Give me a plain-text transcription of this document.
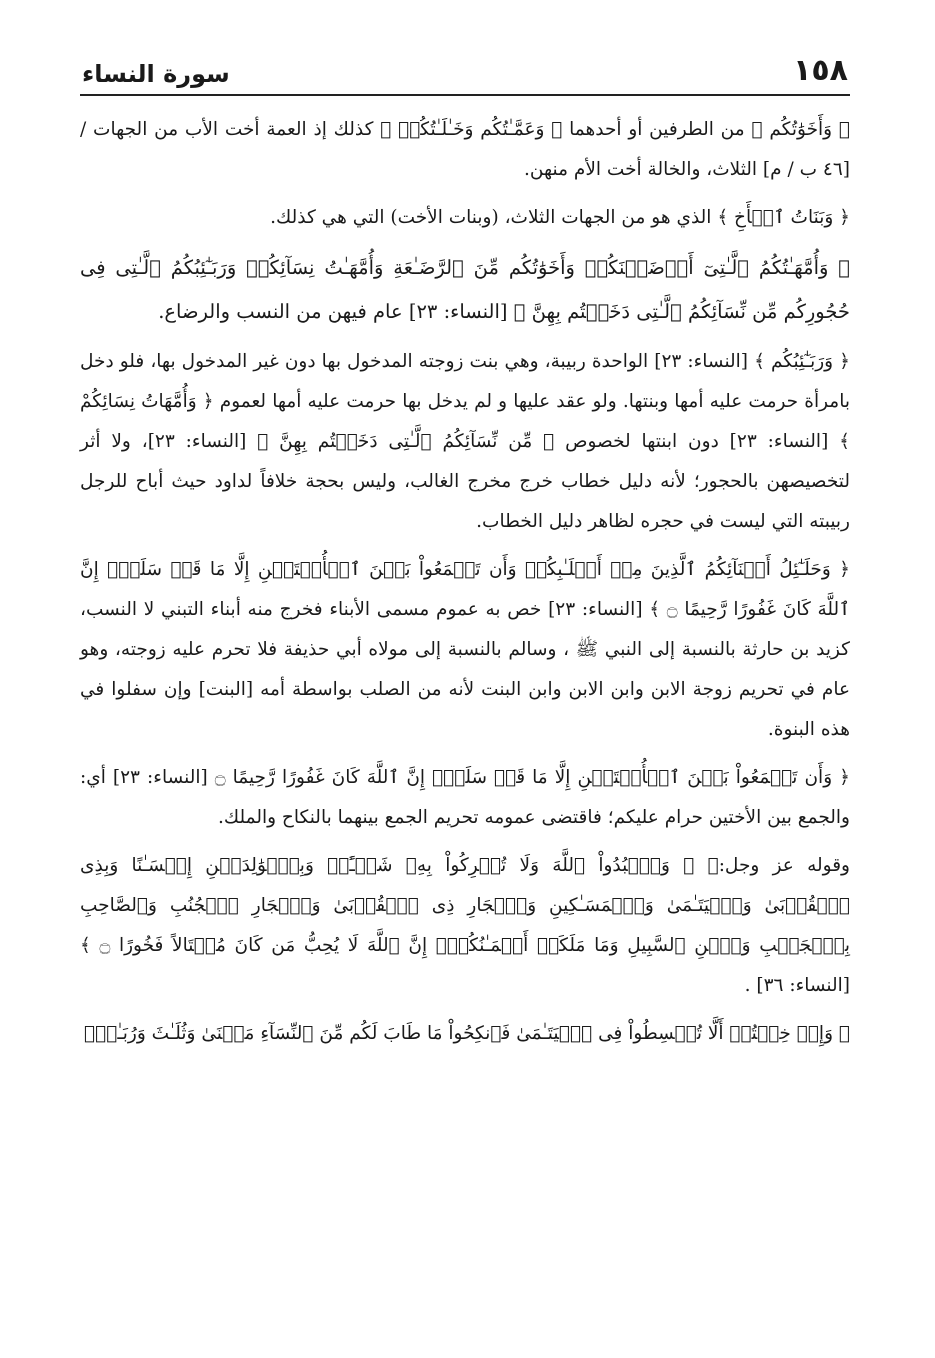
١٥٨
سورة النساء

﴿ وَأَخَوَٰتُكُم ﴾ من الطرفين أو أحدهما ﴿ وَعَمَّـٰتُكُم وَخَـٰلَـٰتُكُمۡ ﴾ كذلك إذ العمة أخت الأب من الجهات / [٤٦ ب / م] الثلاث، والخالة أخت الأم منهن.

﴿ وَبَنَاتُ ٱلۡأَخِ ﴾ الذي هو من الجهات الثلاث، (وبنات الأخت) التي هي كذلك.

﴿ وَأُمَّهَـٰتُكُمُ ٱلَّـٰتِىٓ أَرۡضَعۡنَكُمۡ وَأَخَوَٰتُكُم مِّنَ ٱلرَّضَـٰعَةِ وَأُمَّهَـٰتُ نِسَآئِكُمۡ وَرَبَـٰٓئِبُكُمُ ٱلَّـٰتِى فِى حُجُورِكُم مِّن نِّسَآئِكُمُ ٱلَّـٰتِى دَخَلۡتُم بِهِنَّ ﴾ [النساء: ٢٣] عام فيهن من النسب والرضاع.

﴿ وَرَبَـٰٓئِبُكُم ﴾ [النساء: ٢٣] الواحدة ربيبة، وهي بنت زوجته المدخول بها دون غير المدخول بها، فلو دخل بامرأة حرمت عليه أمها وبنتها. ولو عقد عليها و لم يدخل بها حرمت عليه أمها لعموم ﴿ وَأُمَّهَاتُ نِسَائِكُمْ ﴾ [النساء: ٢٣] دون ابنتها لخصوص ﴿ مِّن نِّسَآئِكُمُ ٱلَّـٰتِى دَخَلۡتُم بِهِنَّ ﴾ [النساء: ٢٣]، ولا أثر لتخصيصهن بالحجور؛ لأنه دليل خطاب خرج مخرج الغالب، وليس بحجة خلافاً لداود حيث أباح للرجل ربيبته التي ليست في حجره لظاهر دليل الخطاب.

﴿ وَحَلَـٰٓئِلُ أَبۡنَآئِكُمُ ٱلَّذِينَ مِنۡ أَصۡلَـٰبِكُمۡ وَأَن تَجۡمَعُواْ بَيۡنَ ٱلۡأُخۡتَيۡنِ إِلَّا مَا قَدۡ سَلَفَۗ إِنَّ ٱللَّهَ كَانَ غَفُورًا رَّحِيمًا ۝ ﴾ [النساء: ٢٣] خص به عموم مسمى الأبناء فخرج منه أبناء التبني لا النسب، كزيد بن حارثة بالنسبة إلى النبي ﷺ ، وسالم بالنسبة إلى مولاه أبي حذيفة فلا تحرم عليه زوجته، وهو عام في تحريم زوجة الابن وابن الابن وابن البنت لأنه من الصلب بواسطة أمه [البنت] وإن سفلوا في هذه البنوة.

﴿ وَأَن تَجۡمَعُواْ بَيۡنَ ٱلۡأُخۡتَيۡنِ إِلَّا مَا قَدۡ سَلَفَۗ إِنَّ ٱللَّهَ كَانَ غَفُورًا رَّحِيمًا ۝ [النساء: ٢٣] أي: والجمع بين الأختين حرام عليكم؛ فاقتضى عمومه تحريم الجمع بينهما بالنكاح والملك.

وقوله عز وجل:﴿ ۞ وَٱعۡبُدُواْ ٱللَّهَ وَلَا تُشۡرِكُواْ بِهِۦ شَيۡـًٔاۖ وَبِٱلۡوَٰلِدَيۡنِ إِحۡسَـٰنًا وَبِذِى ٱلۡقُرۡبَىٰ وَٱلۡيَتَـٰمَىٰ وَٱلۡمَسَـٰكِينِ وَٱلۡجَارِ ذِى ٱلۡقُرۡبَىٰ وَٱلۡجَارِ ٱلۡجُنُبِ وَٱلصَّاحِبِ بِٱلۡجَنۢبِ وَٱبۡنِ ٱلسَّبِيلِ وَمَا مَلَكَتۡ أَيۡمَـٰنُكُمۡۗ إِنَّ ٱللَّهَ لَا يُحِبُّ مَن كَانَ مُخۡتَالاً فَخُورًا ۝ ﴾ [النساء: ٣٦] .

﴿ وَإِنۡ خِفۡتُمۡ أَلَّا تُقۡسِطُواْ فِى ٱلۡيَتَـٰمَىٰ فَٱنكِحُواْ مَا طَابَ لَكُم مِّنَ ٱلنِّسَآءِ مَثۡنَىٰ وَثُلَـٰثَ وَرُبَـٰعَۖ
